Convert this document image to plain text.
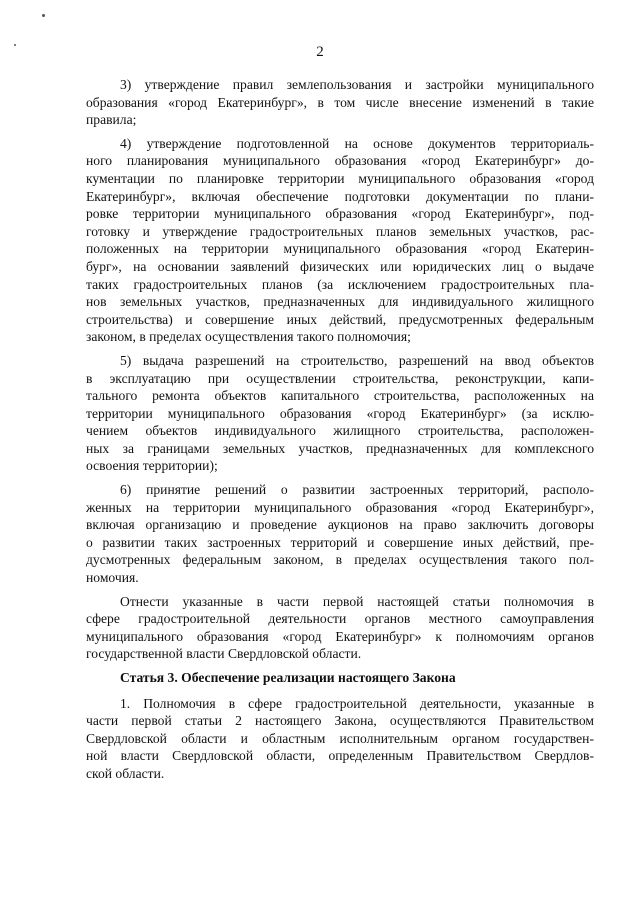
2
3) утверждение правил землепользования и застройки муниципального
образования «город Екатеринбург», в том числе внесение изменений в такие
правила;
4) утверждение подготовленной на основе документов территориаль-
ного планирования муниципального образования «город Екатеринбург» до-
кументации по планировке территории муниципального образования «город
Екатеринбург», включая обеспечение подготовки документации по плани-
ровке территории муниципального образования «город Екатеринбург», под-
готовку и утверждение градостроительных планов земельных участков, рас-
положенных на территории муниципального образования «город Екатерин-
бург», на основании заявлений физических или юридических лиц о выдаче
таких градостроительных планов (за исключением градостроительных пла-
нов земельных участков, предназначенных для индивидуального жилищного
строительства) и совершение иных действий, предусмотренных федеральным
законом, в пределах осуществления такого полномочия;
5) выдача разрешений на строительство, разрешений на ввод объектов
в эксплуатацию при осуществлении строительства, реконструкции, капи-
тального ремонта объектов капитального строительства, расположенных на
территории муниципального образования «город Екатеринбург» (за исклю-
чением объектов индивидуального жилищного строительства, расположен-
ных за границами земельных участков, предназначенных для комплексного
освоения территории);
6) принятие решений о развитии застроенных территорий, располо-
женных на территории муниципального образования «город Екатеринбург»,
включая организацию и проведение аукционов на право заключить договоры
о развитии таких застроенных территорий и совершение иных действий, пре-
дусмотренных федеральным законом, в пределах осуществления такого пол-
номочия.
Отнести указанные в части первой настоящей статьи полномочия в
сфере градостроительной деятельности органов местного самоуправления
муниципального образования «город Екатеринбург» к полномочиям органов
государственной власти Свердловской области.
Статья 3. Обеспечение реализации настоящего Закона
1. Полномочия в сфере градостроительной деятельности, указанные в
части первой статьи 2 настоящего Закона, осуществляются Правительством
Свердловской области и областным исполнительным органом государствен-
ной власти Свердловской области, определенным Правительством Свердлов-
ской области.
